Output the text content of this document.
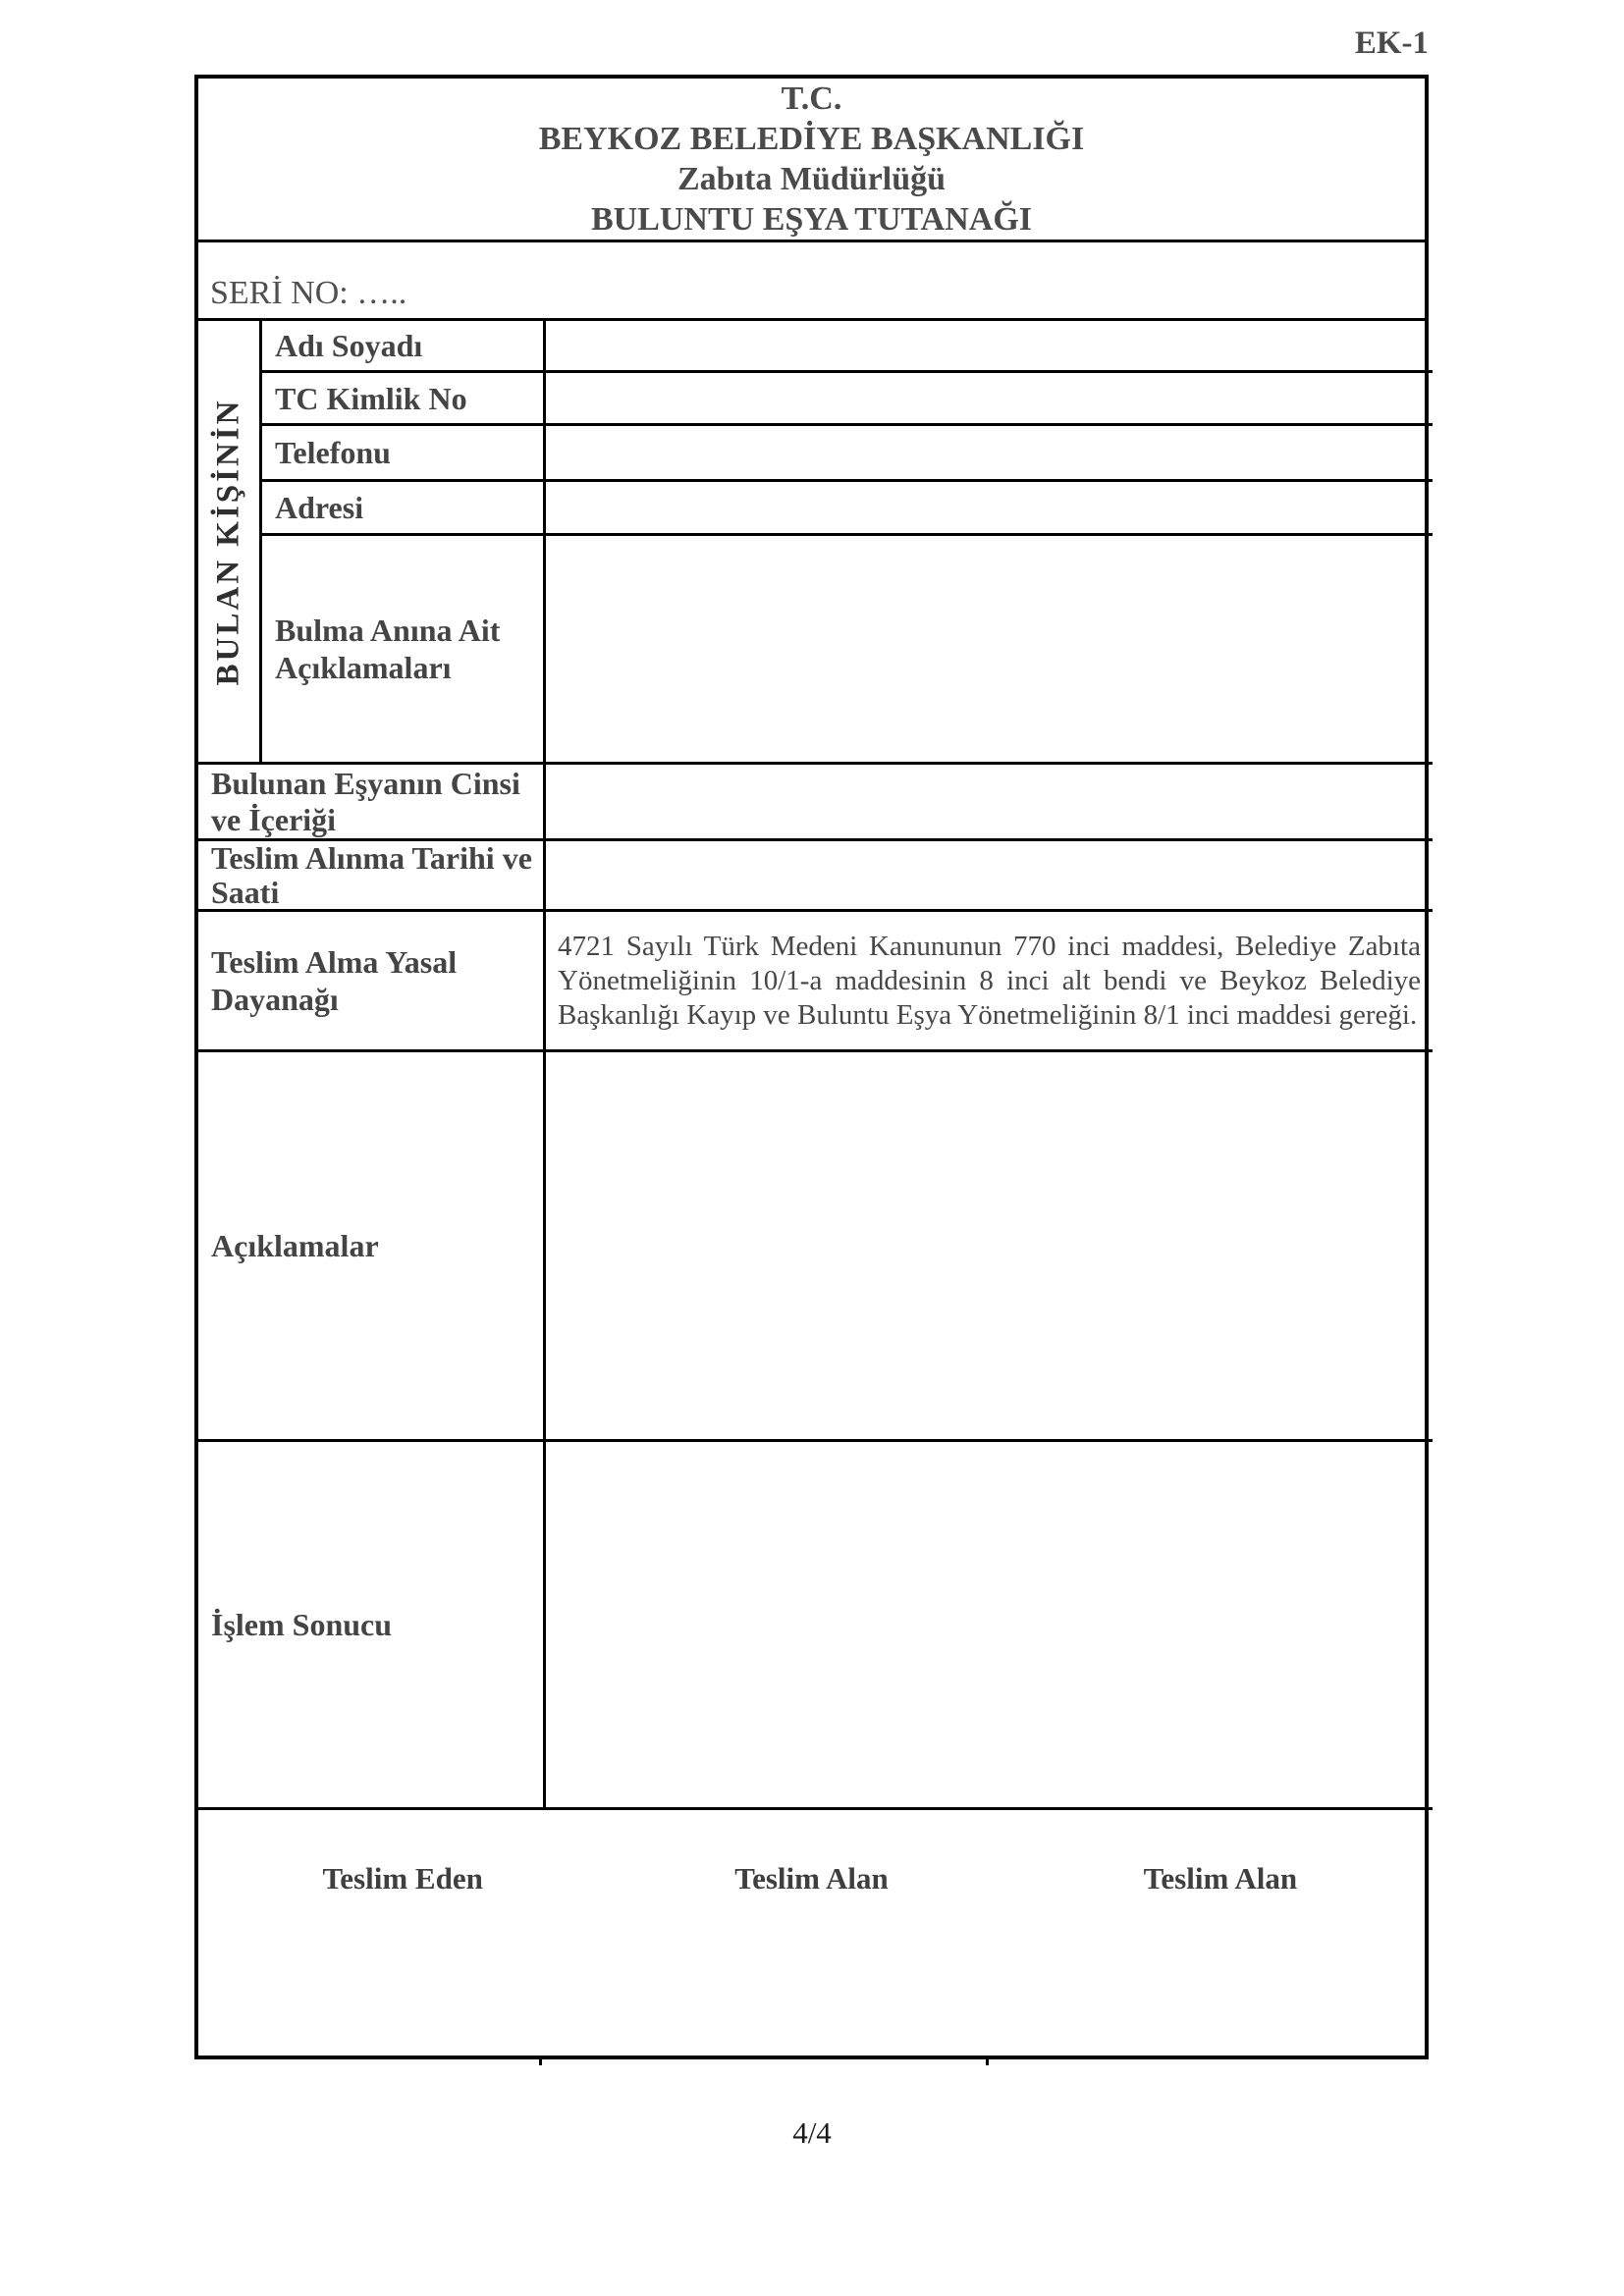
EK-1
T.C.
BEYKOZ BELEDİYE BAŞKANLIĞI
Zabıta Müdürlüğü
BULUNTU EŞYA TUTANAĞI
SERİ NO: …..
BULAN KİŞİNİN
Adı Soyadı
TC Kimlik No
Telefonu
Adresi
Bulma Anına Ait Açıklamaları
Bulunan Eşyanın Cinsi ve İçeriği
Teslim Alınma Tarihi ve Saati
Teslim Alma Yasal Dayanağı
Açıklamalar
İşlem Sonucu

4721 Sayılı Türk Medeni Kanununun 770 inci maddesi, Belediye Zabıta Yönetmeliğinin 10/1-a maddesinin 8 inci alt bendi ve Beykoz Belediye Başkanlığı Kayıp ve Buluntu Eşya Yönetmeliğinin 8/1 inci maddesi gereği.

Teslim Eden	Teslim Alan	Teslim Alan
4/4
